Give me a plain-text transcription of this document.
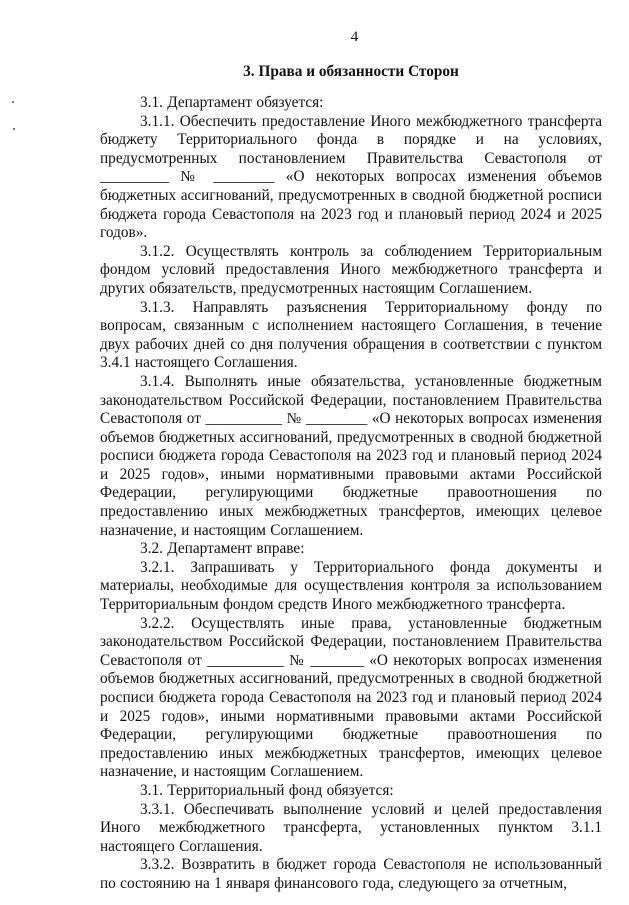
4
3. Права и обязанности Сторон

3.1. Департамент обязуется:

3.1.1. Обеспечить предоставление Иного межбюджетного трансферта бюджету Территориального фонда в порядке и на условиях, предусмотренных постановлением Правительства Севастополя от _________ № ________ «О некоторых вопросах изменения объемов бюджетных ассигнований, предусмотренных в сводной бюджетной росписи бюджета города Севастополя на 2023 год и плановый период 2024 и 2025 годов».

3.1.2. Осуществлять контроль за соблюдением Территориальным фондом условий предоставления Иного межбюджетного трансферта и других обязательств, предусмотренных настоящим Соглашением.

3.1.3. Направлять разъяснения Территориальному фонду по вопросам, связанным с исполнением настоящего Соглашения, в течение двух рабочих дней со дня получения обращения в соответствии с пунктом 3.4.1 настоящего Соглашения.

3.1.4. Выполнять иные обязательства, установленные бюджетным законодательством Российской Федерации, постановлением Правительства Севастополя от __________ № ________ «О некоторых вопросах изменения объемов бюджетных ассигнований, предусмотренных в сводной бюджетной росписи бюджета города Севастополя на 2023 год и плановый период 2024 и 2025 годов», иными нормативными правовыми актами Российской Федерации, регулирующими бюджетные правоотношения по предоставлению иных межбюджетных трансфертов, имеющих целевое назначение, и настоящим Соглашением.

3.2. Департамент вправе:

3.2.1. Запрашивать у Территориального фонда документы и материалы, необходимые для осуществления контроля за использованием Территориальным фондом средств Иного межбюджетного трансферта.

3.2.2. Осуществлять иные права, установленные бюджетным законодательством Российской Федерации, постановлением Правительства Севастополя от __________ № _______ «О некоторых вопросах изменения объемов бюджетных ассигнований, предусмотренных в сводной бюджетной росписи бюджета города Севастополя на 2023 год и плановый период 2024 и 2025 годов», иными нормативными правовыми актами Российской Федерации, регулирующими бюджетные правоотношения по предоставлению иных межбюджетных трансфертов, имеющих целевое назначение, и настоящим Соглашением.

3.1. Территориальный фонд обязуется:

3.3.1. Обеспечивать выполнение условий и целей предоставления Иного межбюджетного трансферта, установленных пунктом 3.1.1 настоящего Соглашения.

3.3.2. Возвратить в бюджет города Севастополя не использованный по состоянию на 1 января финансового года, следующего за отчетным,
